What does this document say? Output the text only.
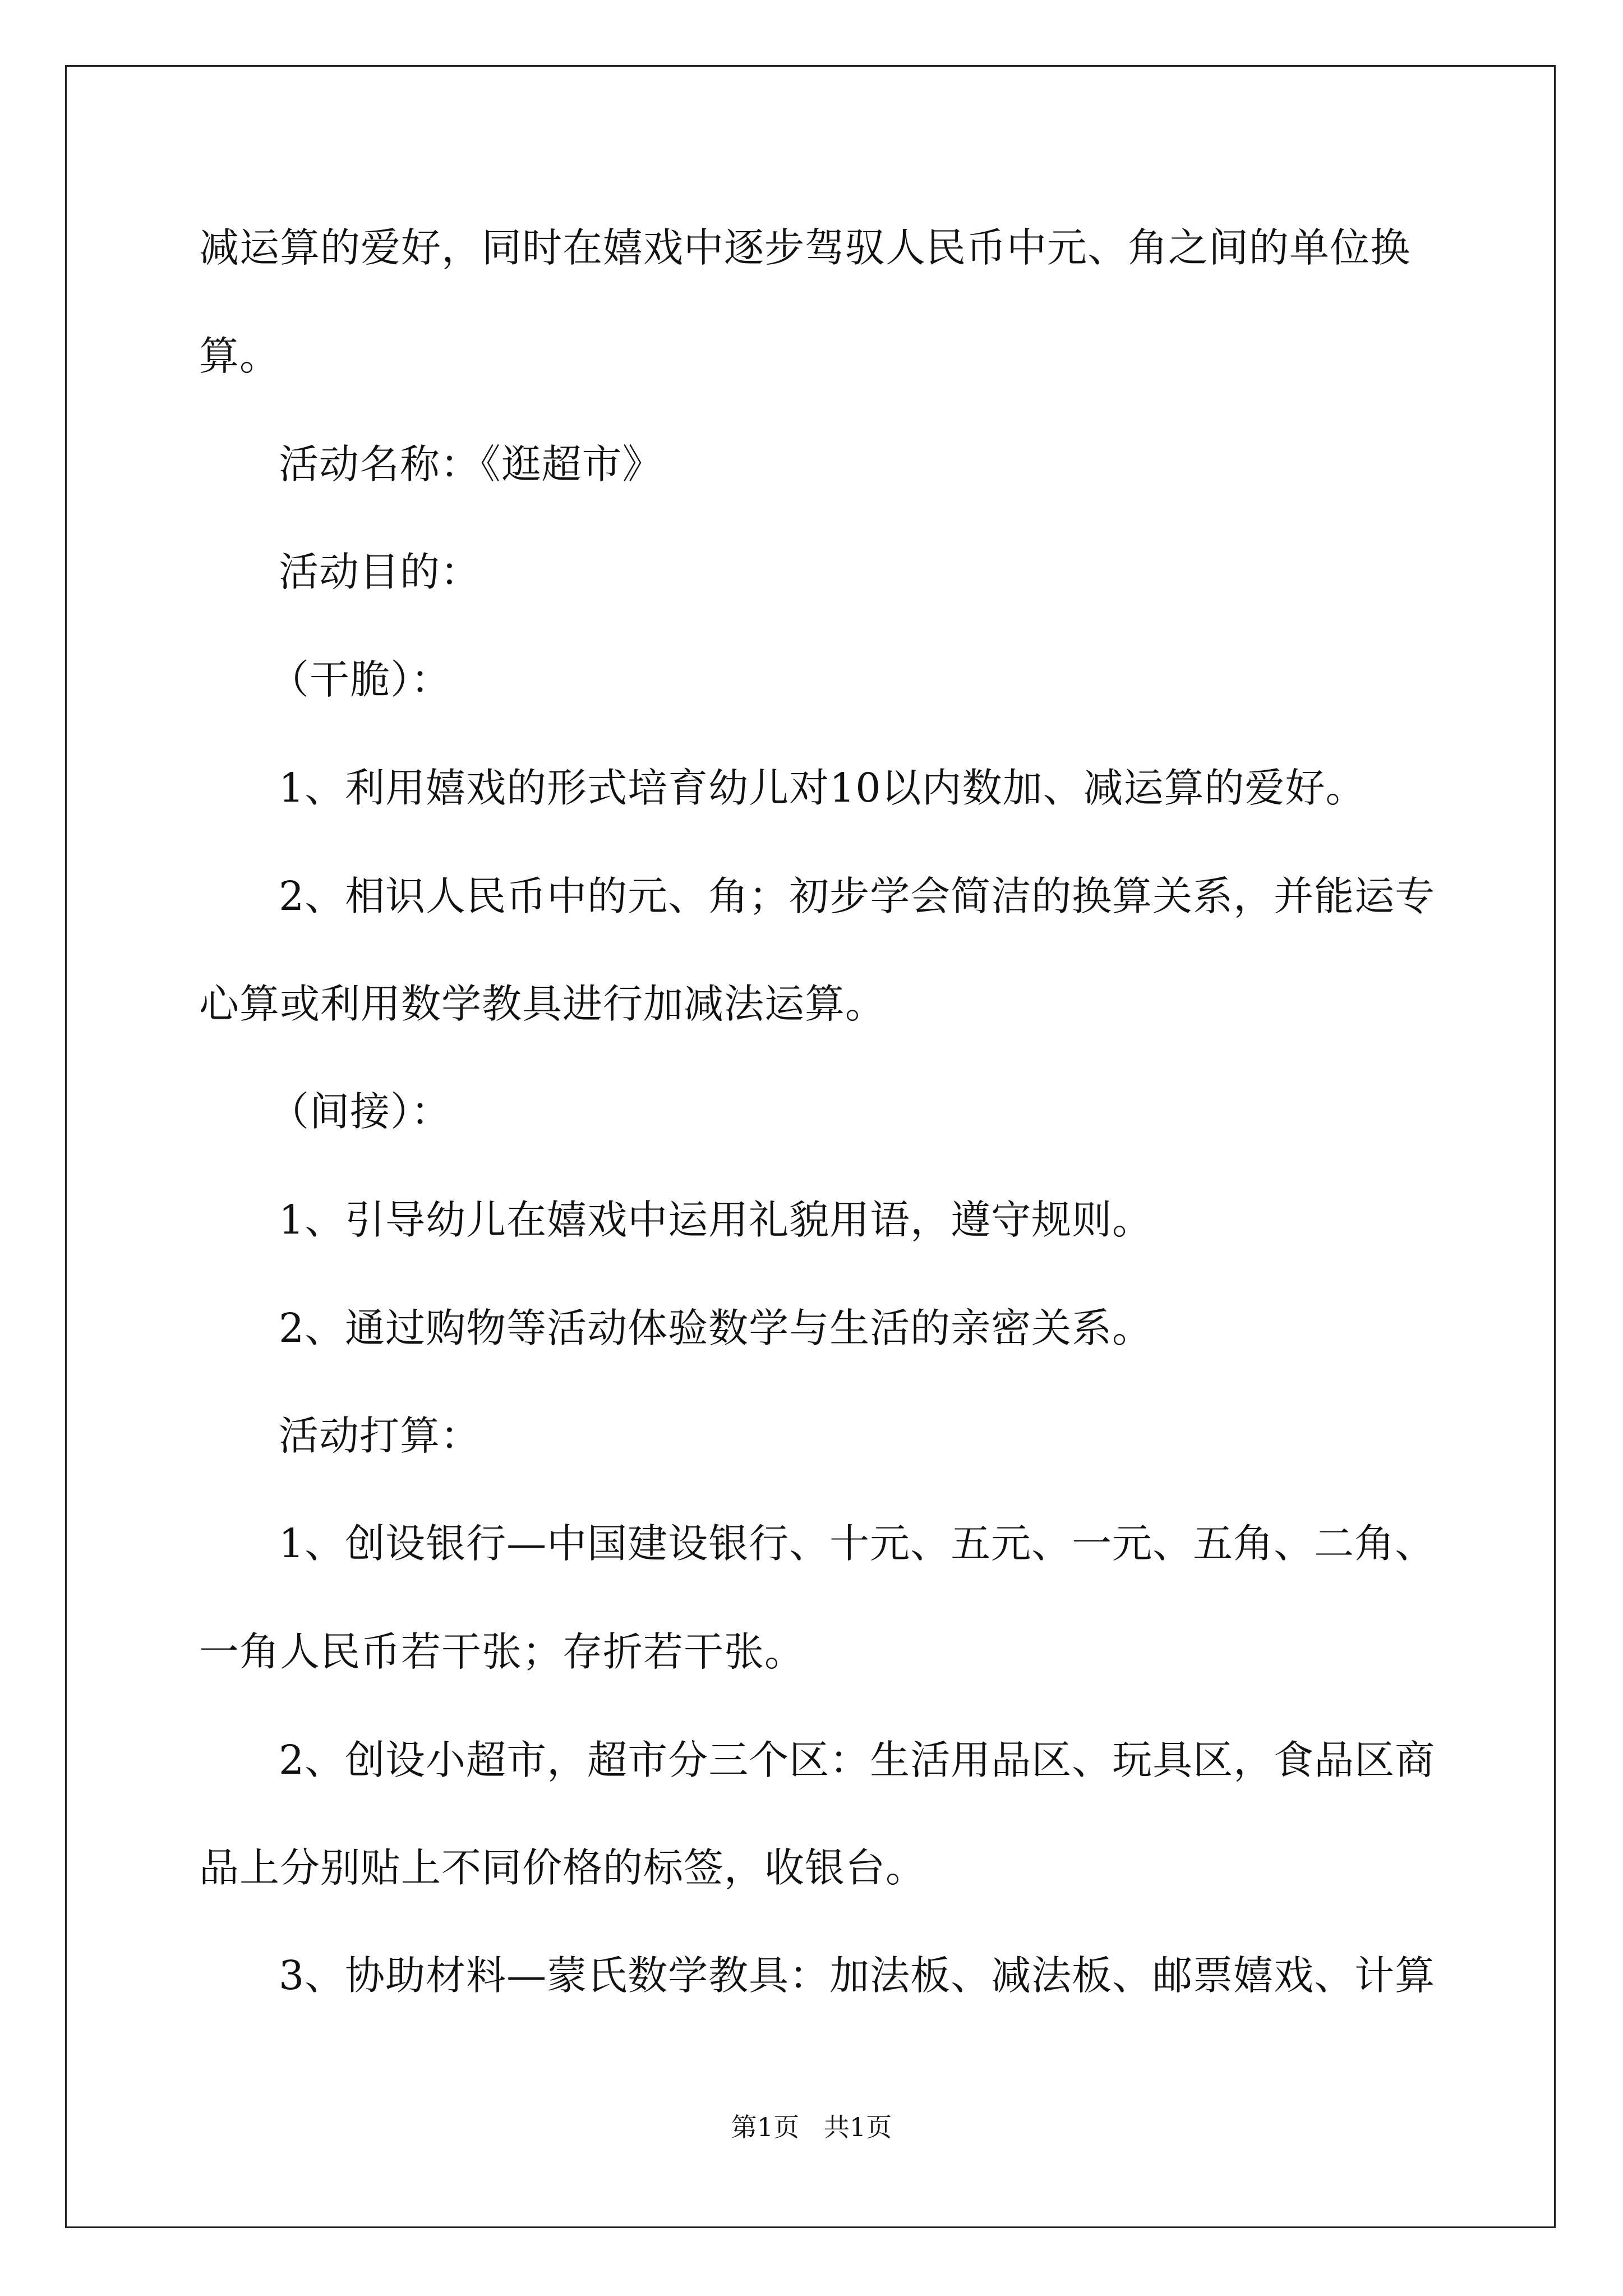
减运算的爱好，同时在嬉戏中逐步驾驭人民币中元、角之间的单位换
算。
活动名称：《逛超市》
活动目的：
（干脆）：
1、利用嬉戏的形式培育幼儿对10以内数加、减运算的爱好。
2、相识人民币中的元、角；初步学会简洁的换算关系，并能运专
心算或利用数学教具进行加减法运算。
（间接）：
1、引导幼儿在嬉戏中运用礼貌用语，遵守规则。
2、通过购物等活动体验数学与生活的亲密关系。
活动打算：
1、创设银行—中国建设银行、十元、五元、一元、五角、二角、
一角人民币若干张；存折若干张。
2、创设小超市，超市分三个区：生活用品区、玩具区，食品区商
品上分别贴上不同价格的标签，收银台。
3、协助材料—蒙氏数学教具：加法板、减法板、邮票嬉戏、计算
第1页   共1页
